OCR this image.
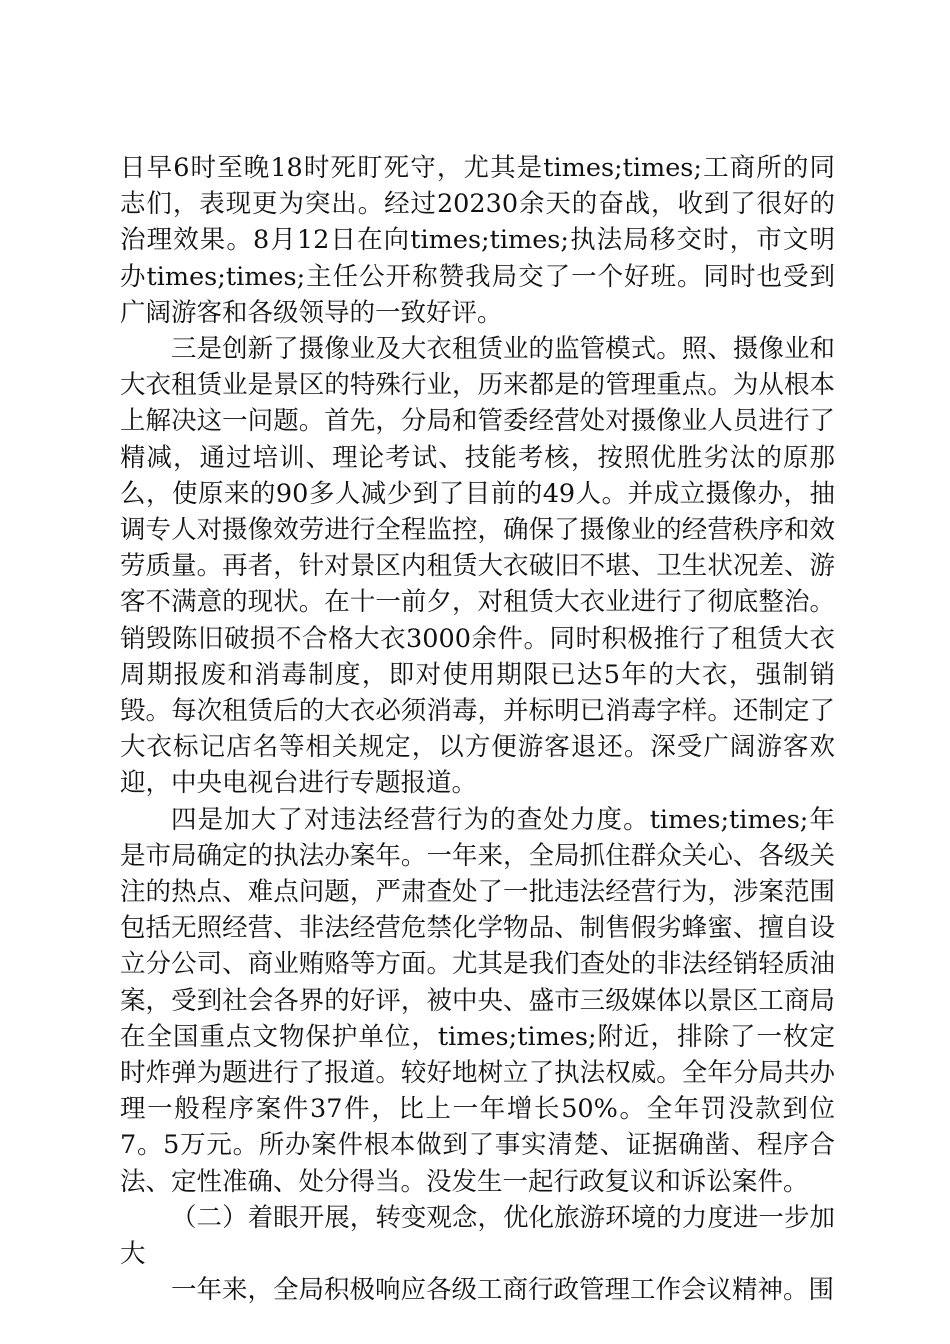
日早6时至晚18时死盯死守，尤其是times;times;工商所的同志们，表现更为突出。经过20230余天的奋战，收到了很好的治理效果。8月12日在向times;times;执法局移交时，市文明办times;times;主任公开称赞我局交了一个好班。同时也受到广阔游客和各级领导的一致好评。

三是创新了摄像业及大衣租赁业的监管模式。照、摄像业和大衣租赁业是景区的特殊行业，历来都是的管理重点。为从根本上解决这一问题。首先，分局和管委经营处对摄像业人员进行了精减，通过培训、理论考试、技能考核，按照优胜劣汰的原那么，使原来的90多人减少到了目前的49人。并成立摄像办，抽调专人对摄像效劳进行全程监控，确保了摄像业的经营秩序和效劳质量。再者，针对景区内租赁大衣破旧不堪、卫生状况差、游客不满意的现状。在十一前夕，对租赁大衣业进行了彻底整治。销毁陈旧破损不合格大衣3000余件。同时积极推行了租赁大衣周期报废和消毒制度，即对使用期限已达5年的大衣，强制销毁。每次租赁后的大衣必须消毒，并标明已消毒字样。还制定了大衣标记店名等相关规定，以方便游客退还。深受广阔游客欢迎，中央电视台进行专题报道。

四是加大了对违法经营行为的查处力度。times;times;年是市局确定的执法办案年。一年来，全局抓住群众关心、各级关注的热点、难点问题，严肃查处了一批违法经营行为，涉案范围包括无照经营、非法经营危禁化学物品、制售假劣蜂蜜、擅自设立分公司、商业贿赂等方面。尤其是我们查处的非法经销轻质油案，受到社会各界的好评，被中央、盛市三级媒体以景区工商局在全国重点文物保护单位，times;times;附近，排除了一枚定时炸弹为题进行了报道。较好地树立了执法权威。全年分局共办理一般程序案件37件，比上一年增长50%。全年罚没款到位7。5万元。所办案件根本做到了事实清楚、证据确凿、程序合法、定性准确、处分得当。没发生一起行政复议和诉讼案件。

（二）着眼开展，转变观念，优化旅游环境的力度进一步加大

一年来，全局积极响应各级工商行政管理工作会议精神。围
